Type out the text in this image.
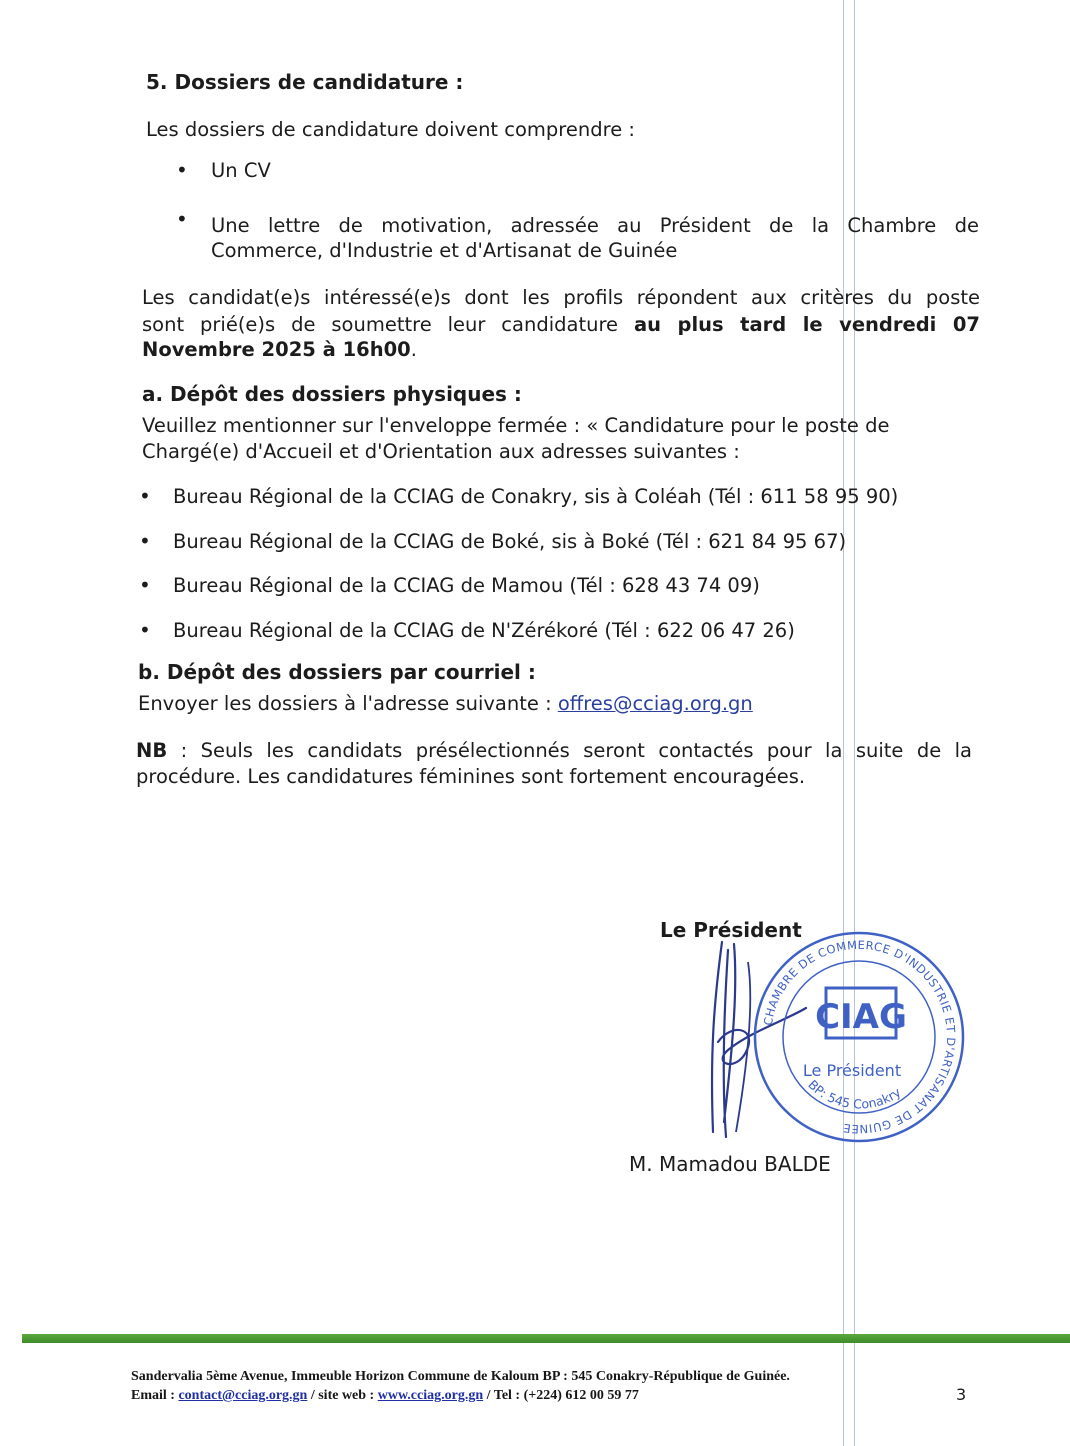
5. Dossiers de candidature :
Les dossiers de candidature doivent comprendre :
• Un CV
• Une lettre de motivation, adressée au Président de la Chambre de
Commerce, d'Industrie et d'Artisanat de Guinée
Les candidat(e)s intéressé(e)s dont les profils répondent aux critères du poste
sont prié(e)s de soumettre leur candidature au plus tard le vendredi 07
Novembre 2025 à 16h00.
a. Dépôt des dossiers physiques :
Veuillez mentionner sur l'enveloppe fermée : « Candidature pour le poste de
Chargé(e) d'Accueil et d'Orientation aux adresses suivantes :
• Bureau Régional de la CCIAG de Conakry, sis à Coléah (Tél : 611 58 95 90)
• Bureau Régional de la CCIAG de Boké, sis à Boké (Tél : 621 84 95 67)
• Bureau Régional de la CCIAG de Mamou (Tél : 628 43 74 09)
• Bureau Régional de la CCIAG de N'Zérékoré (Tél : 622 06 47 26)
b. Dépôt des dossiers par courriel :
Envoyer les dossiers à l'adresse suivante : offres@cciag.org.gn
NB : Seuls les candidats présélectionnés seront contactés pour la suite de la
procédure. Les candidatures féminines sont fortement encouragées.
Le Président
CHAMBRE DE COMMERCE D'INDUSTRIE ET D'ARTISANAT DE GUINEE
CIAG
Le Président
BP: 545 Conakry
M. Mamadou BALDE
Sandervalia 5ème Avenue, Immeuble Horizon Commune de Kaloum BP : 545 Conakry-République de Guinée.
Email : contact@cciag.org.gn / site web : www.cciag.org.gn / Tel : (+224) 612 00 59 77	3
